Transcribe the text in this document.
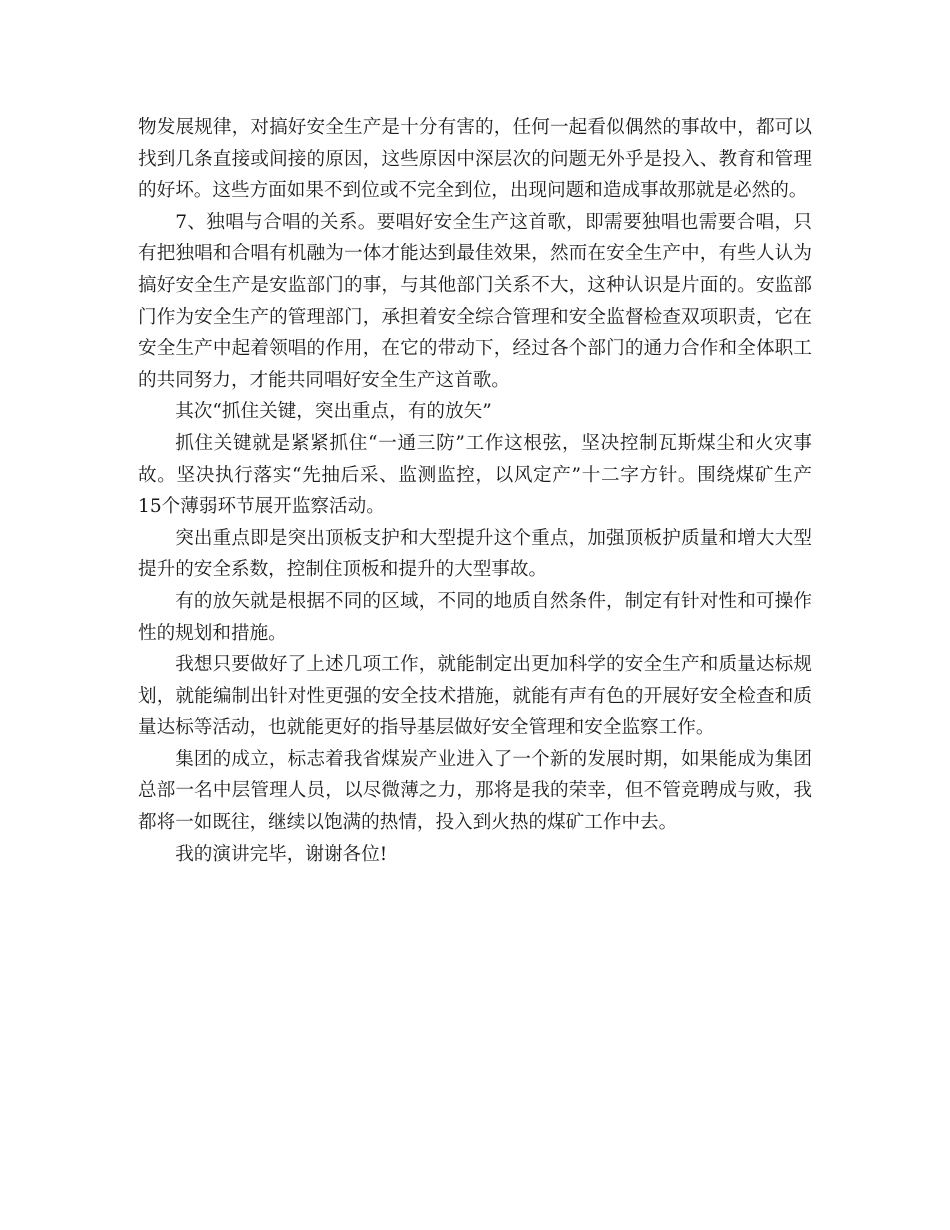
物发展规律，对搞好安全生产是十分有害的，任何一起看似偶然的事故中，都可以找到几条直接或间接的原因，这些原因中深层次的问题无外乎是投入、教育和管理的好坏。这些方面如果不到位或不完全到位，出现问题和造成事故那就是必然的。

7、独唱与合唱的关系。要唱好安全生产这首歌，即需要独唱也需要合唱，只有把独唱和合唱有机融为一体才能达到最佳效果，然而在安全生产中，有些人认为搞好安全生产是安监部门的事，与其他部门关系不大，这种认识是片面的。安监部门作为安全生产的管理部门，承担着安全综合管理和安全监督检查双项职责，它在安全生产中起着领唱的作用，在它的带动下，经过各个部门的通力合作和全体职工的共同努力，才能共同唱好安全生产这首歌。

其次“抓住关键，突出重点，有的放矢”

抓住关键就是紧紧抓住“一通三防”工作这根弦，坚决控制瓦斯煤尘和火灾事故。坚决执行落实“先抽后采、监测监控，以风定产”十二字方针。围绕煤矿生产15个薄弱环节展开监察活动。

突出重点即是突出顶板支护和大型提升这个重点，加强顶板护质量和增大大型提升的安全系数，控制住顶板和提升的大型事故。

有的放矢就是根据不同的区域，不同的地质自然条件，制定有针对性和可操作性的规划和措施。

我想只要做好了上述几项工作，就能制定出更加科学的安全生产和质量达标规划，就能编制出针对性更强的安全技术措施，就能有声有色的开展好安全检查和质量达标等活动，也就能更好的指导基层做好安全管理和安全监察工作。

集团的成立，标志着我省煤炭产业进入了一个新的发展时期，如果能成为集团总部一名中层管理人员，以尽微薄之力，那将是我的荣幸，但不管竞聘成与败，我都将一如既往，继续以饱满的热情，投入到火热的煤矿工作中去。

我的演讲完毕，谢谢各位!
